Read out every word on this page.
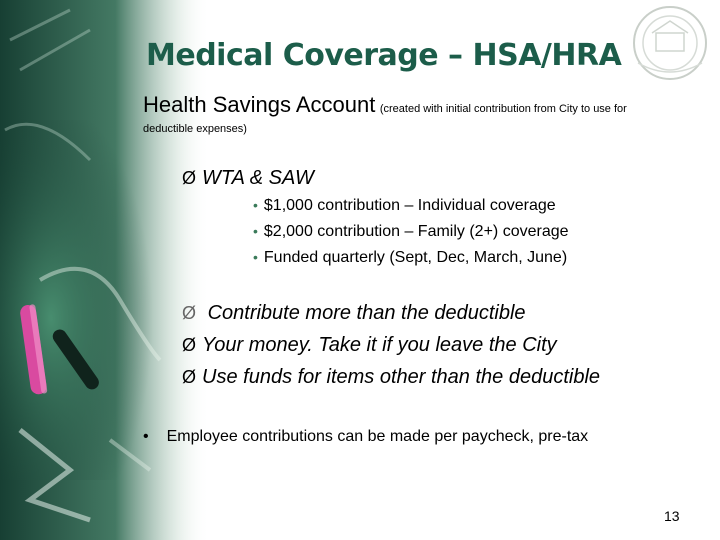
Medical Coverage – HSA/HRA
Health Savings Account (created with initial contribution from City to use for
deductible expenses)
Ø WTA & SAW
• $1,000 contribution – Individual coverage
• $2,000 contribution – Family (2+) coverage
• Funded quarterly (Sept, Dec, March, June)
Ø Contribute more than the deductible
Ø Your money. Take it if you leave the City
Ø Use funds for items other than the deductible
• Employee contributions can be made per paycheck, pre-tax
13
